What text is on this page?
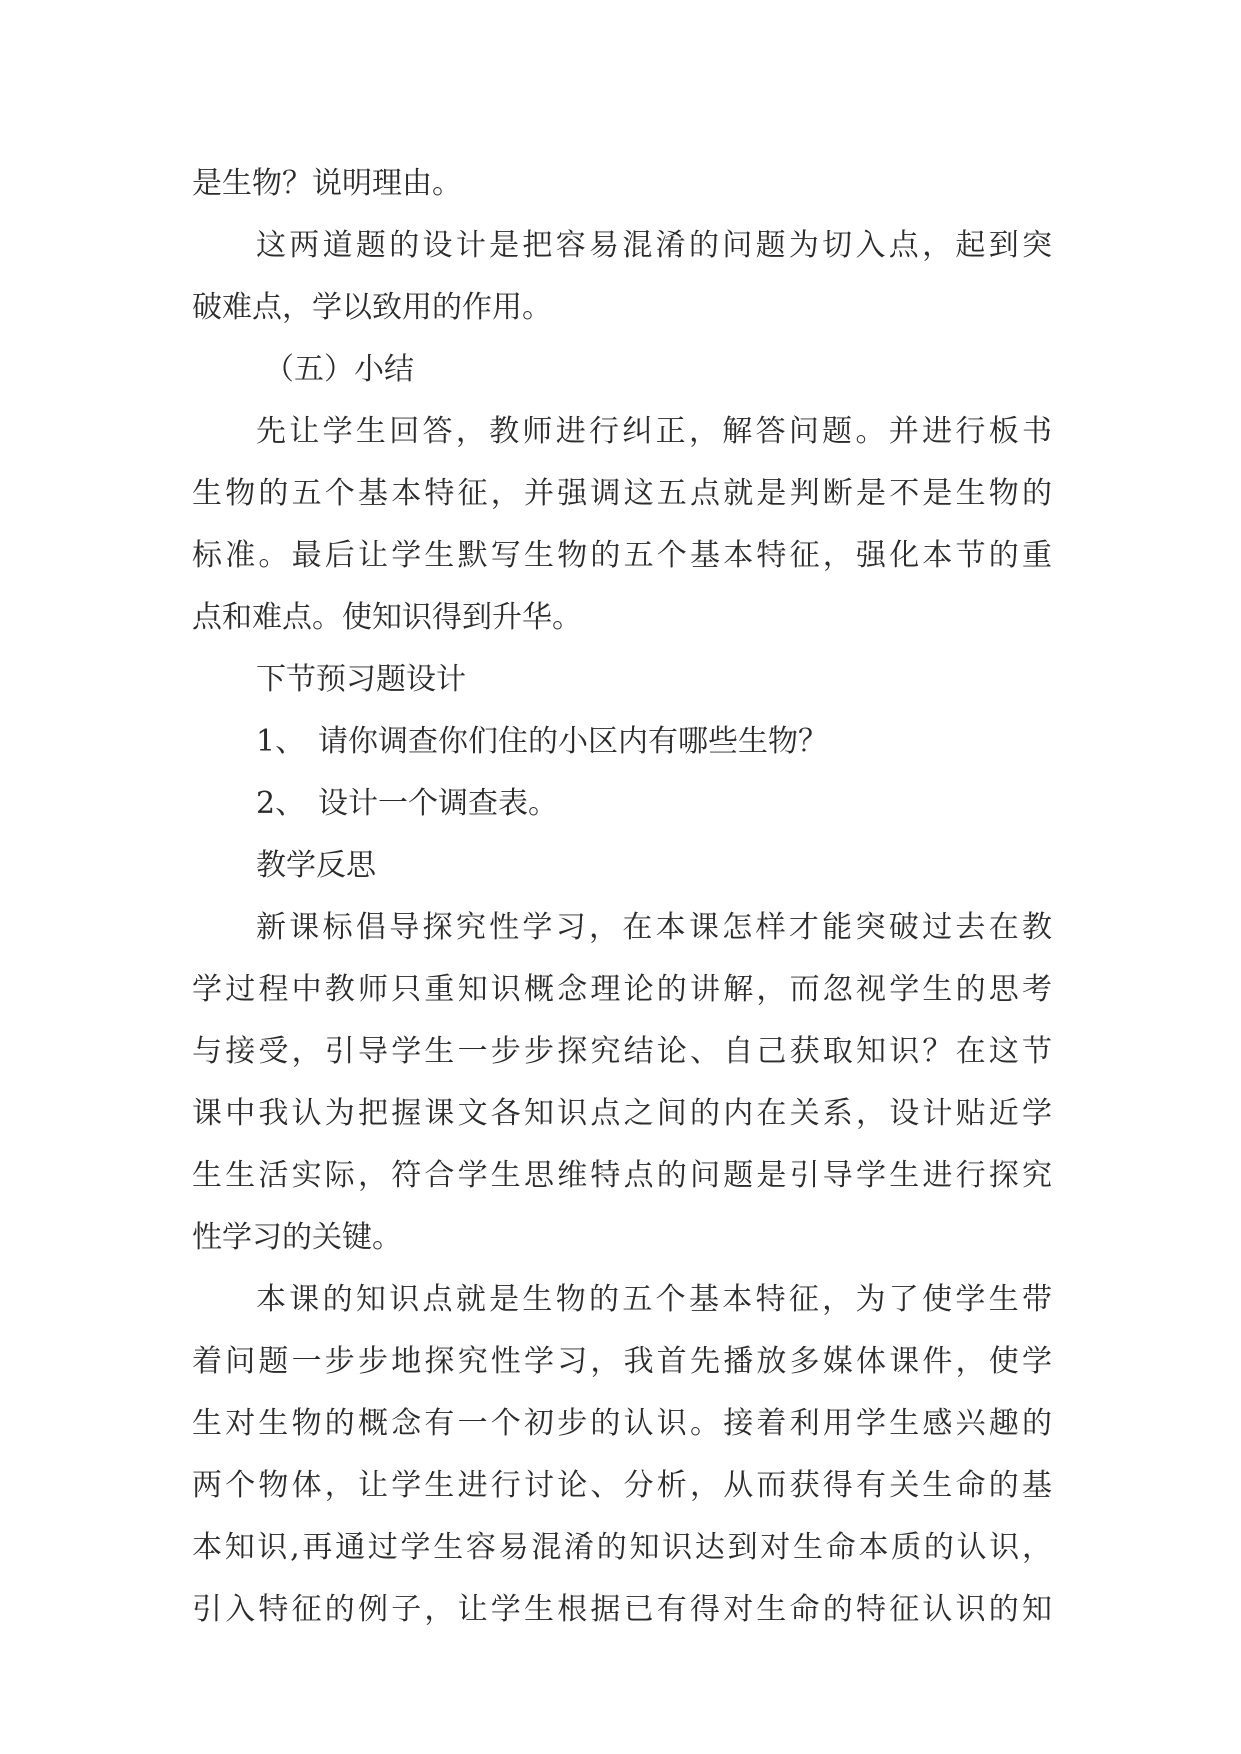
是生物？说明理由。
这两道题的设计是把容易混淆的问题为切入点，起到突
破难点，学以致用的作用。
（五）小结
先让学生回答，教师进行纠正，解答问题。并进行板书
生物的五个基本特征，并强调这五点就是判断是不是生物的
标准。最后让学生默写生物的五个基本特征，强化本节的重
点和难点。使知识得到升华。
下节预习题设计
1、 请你调查你们住的小区内有哪些生物？
2、 设计一个调查表。
教学反思
新课标倡导探究性学习，在本课怎样才能突破过去在教
学过程中教师只重知识概念理论的讲解，而忽视学生的思考
与接受，引导学生一步步探究结论、自己获取知识？在这节
课中我认为把握课文各知识点之间的内在关系，设计贴近学
生生活实际，符合学生思维特点的问题是引导学生进行探究
性学习的关键。
本课的知识点就是生物的五个基本特征，为了使学生带
着问题一步步地探究性学习，我首先播放多媒体课件，使学
生对生物的概念有一个初步的认识。接着利用学生感兴趣的
两个物体，让学生进行讨论、分析，从而获得有关生命的基
本知识,再通过学生容易混淆的知识达到对生命本质的认识，
引入特征的例子，让学生根据已有得对生命的特征认识的知
